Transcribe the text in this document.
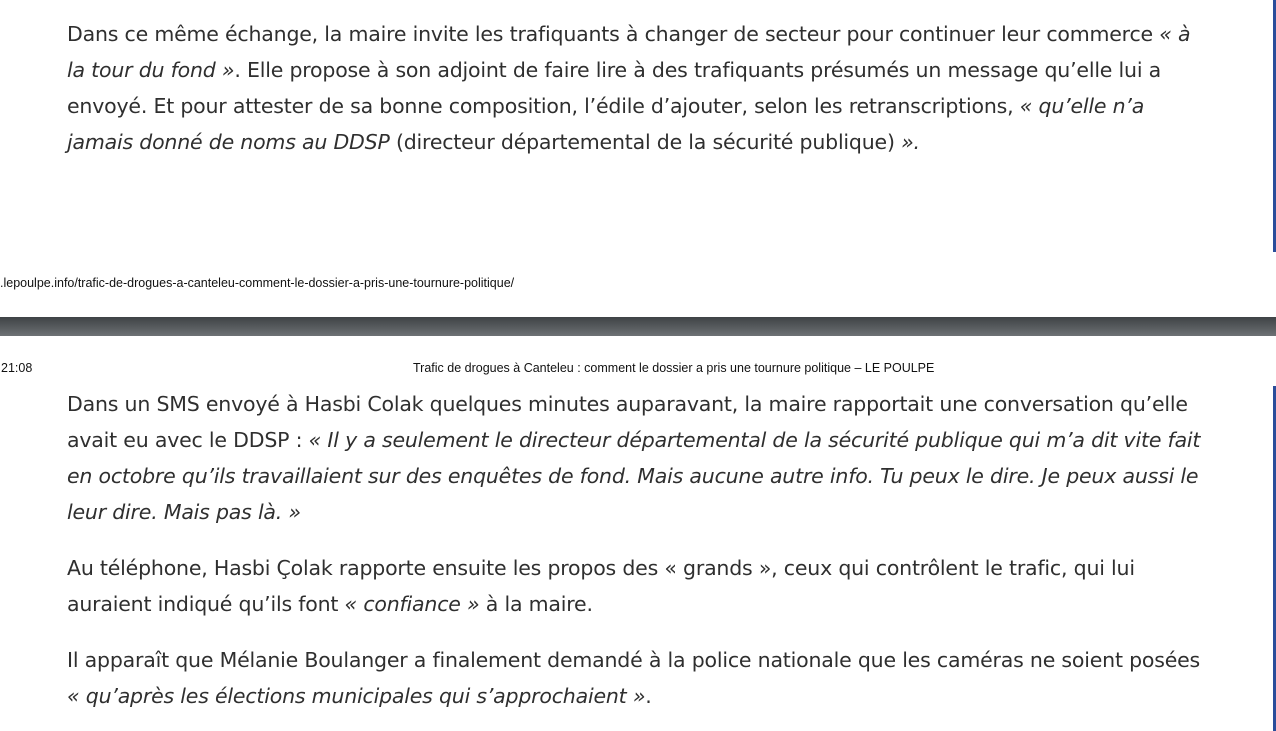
Dans ce même échange, la maire invite les trafiquants à changer de secteur pour continuer leur commerce « à la tour du fond ». Elle propose à son adjoint de faire lire à des trafiquants présumés un message qu’elle lui a envoyé. Et pour attester de sa bonne composition, l’édile d’ajouter, selon les retranscriptions, « qu’elle n’a jamais donné de noms au DDSP (directeur départemental de la sécurité publique) ».

.lepoulpe.info/trafic-de-drogues-a-canteleu-comment-le-dossier-a-pris-une-tournure-politique/
21:08	Trafic de drogues à Canteleu : comment le dossier a pris une tournure politique – LE POULPE

Dans un SMS envoyé à Hasbi Colak quelques minutes auparavant, la maire rapportait une conversation qu’elle avait eu avec le DDSP : « Il y a seulement le directeur départemental de la sécurité publique qui m’a dit vite fait en octobre qu’ils travaillaient sur des enquêtes de fond. Mais aucune autre info. Tu peux le dire. Je peux aussi le leur dire. Mais pas là. »

Au téléphone, Hasbi Çolak rapporte ensuite les propos des « grands », ceux qui contrôlent le trafic, qui lui auraient indiqué qu’ils font « confiance » à la maire.

Il apparaît que Mélanie Boulanger a finalement demandé à la police nationale que les caméras ne soient posées « qu’après les élections municipales qui s’approchaient ».
